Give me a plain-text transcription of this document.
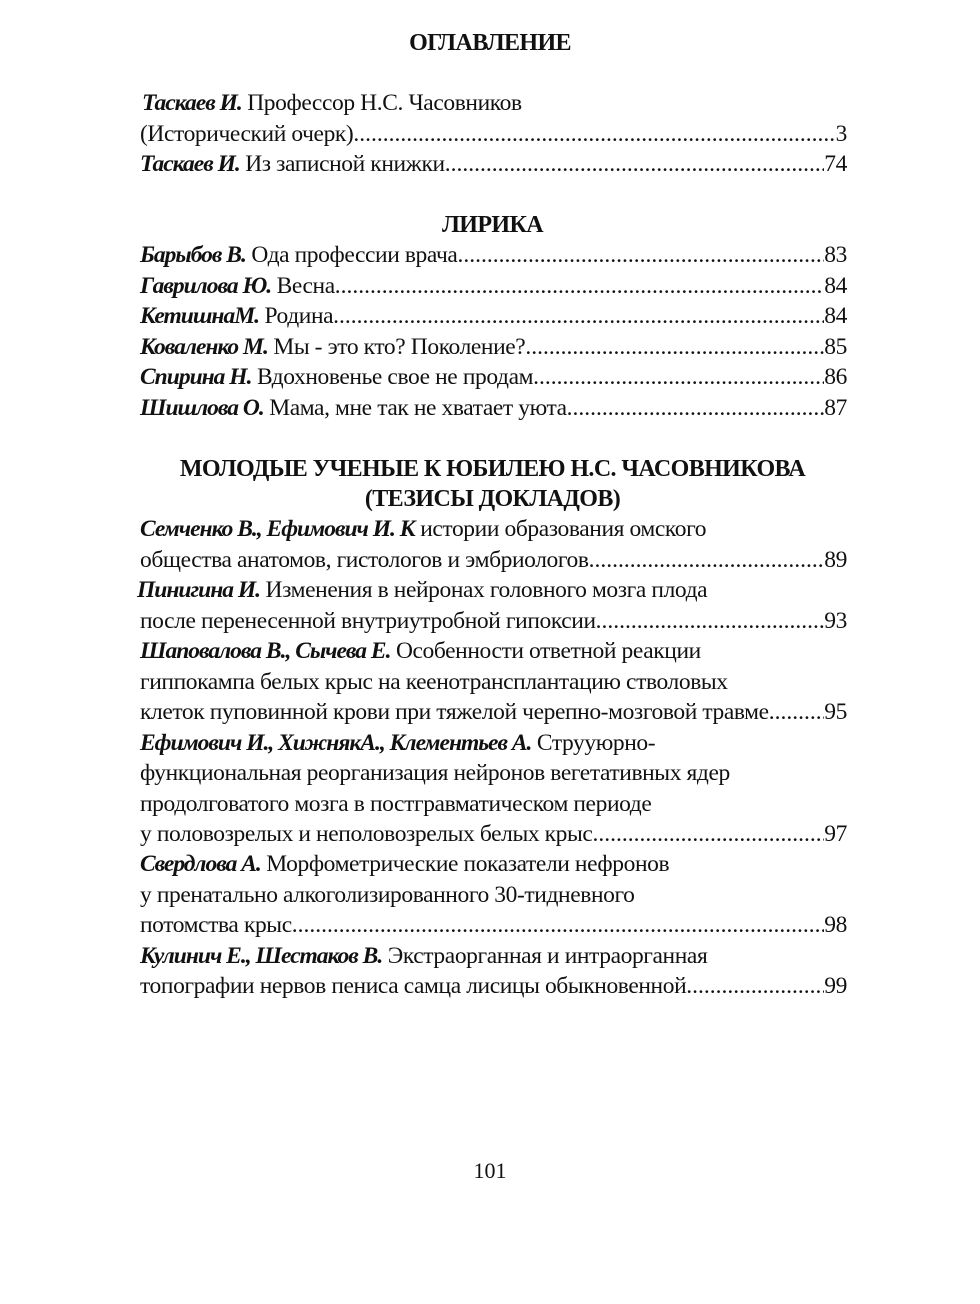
ОГЛАВЛЕНИЕ
Таскаев И. Профессор Н.С. Часовников
(Исторический очерк) .....	3
Таскаев И. Из записной книжки .....	74
ЛИРИКА
Барыбов В. Ода профессии врача .....	83
Гаврилова Ю. Весна .....	84
КетишнаМ. Родина .....	84
Коваленко М. Мы - это кто? Поколение? .....	85
Спирина Н. Вдохновенье свое не продам .....	86
Шишлова О. Мама, мне так не хватает уюта .....	87
МОЛОДЫЕ УЧЕНЫЕ К ЮБИЛЕЮ Н.С. ЧАСОВНИКОВА
(ТЕЗИСЫ ДОКЛАДОВ)
Семченко В., Ефимович И. К истории образования омского
общества анатомов, гистологов и эмбриологов .....	89
Пинигина И. Изменения в нейронах головного мозга плода
после перенесенной внутриутробной гипоксии .....	93
Шаповалова В., Сычева Е. Особенности ответной реакции
гиппокампа белых крыс на кеенотрансплантацию стволовых
клеток пуповинной крови при тяжелой черепно-мозговой травме ..... 95
Ефимович И., ХижнякА., Клементьев А. Струуюрно-
функциональная реорганизация нейронов вегетативных ядер
продолговатого мозга в постгравматическом периоде
у половозрелых и неполовозрелых белых крыс .....	97
Свердлова А. Морфометрические показатели нефронов
у пренатально алкоголизированного 30-тидневного
потомства крыс .....	98
Кулинич Е., Шестаков В. Экстраорганная и интраорганная
топографии нервов пениса самца лисицы обыкновенной .....	99
101
